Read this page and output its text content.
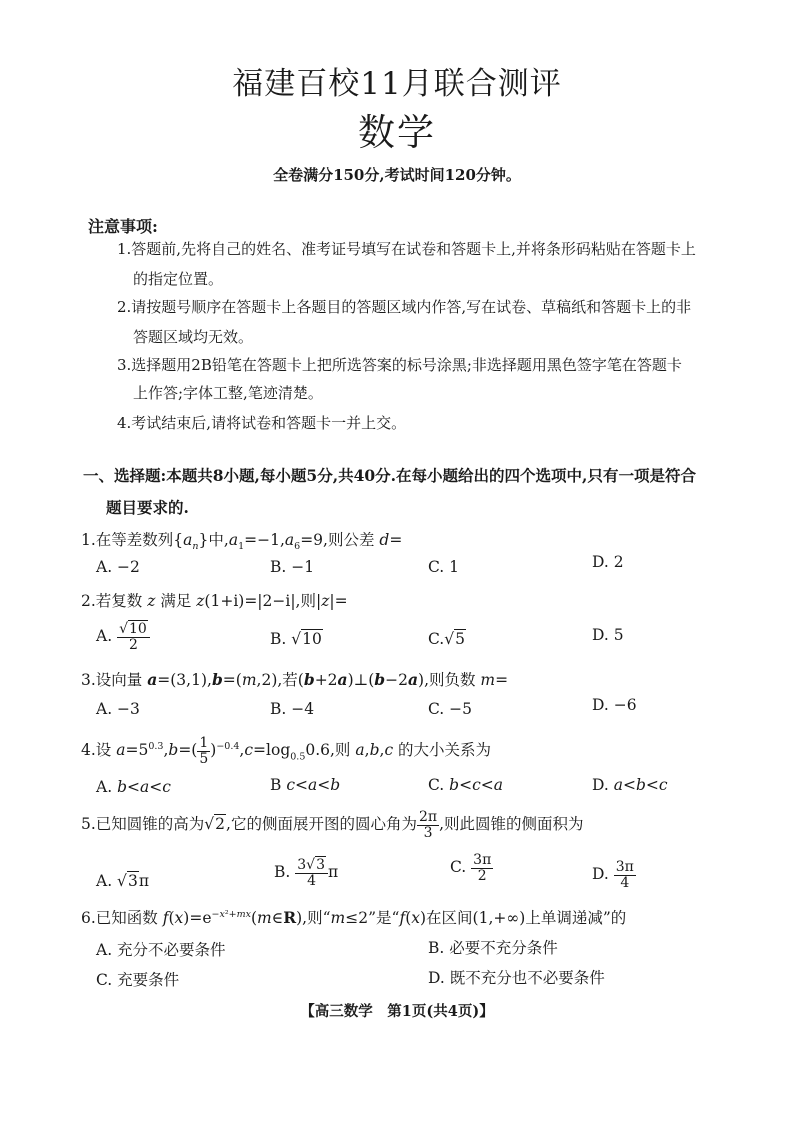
福建百校11月联合测评
数学
全卷满分150分,考试时间120分钟。
注意事项:
1.答题前,先将自己的姓名、准考证号填写在试卷和答题卡上,并将条形码粘贴在答题卡上
的指定位置。
2.请按题号顺序在答题卡上各题目的答题区域内作答,写在试卷、草稿纸和答题卡上的非
答题区域均无效。
3.选择题用2B铅笔在答题卡上把所选答案的标号涂黑;非选择题用黑色签字笔在答题卡
上作答;字体工整,笔迹清楚。
4.考试结束后,请将试卷和答题卡一并上交。
一、选择题:本题共8小题,每小题5分,共40分.在每小题给出的四个选项中,只有一项是符合
题目要求的.
1.在等差数列$\{a_n\}$中$,a_1=-1,a_6=9$,则公差 d=
A. −2	B. −1	C. 1	D. 2
2.若复数 z 满足 z(1+i)=|2−i|,则|z|=
A. $\frac{√10}{2}$	B. √10	C.√5	D. 5
3.设向量 a=(3,1),b=(m,2),若(b+2a)⊥(b−2a),则负数 m=
A. −3	B. −4	C. −5	D. −6
4.设 $a=5^{0.3},b=( \frac{1}{5} )^{-0.4},c=\log_{0.5}0.6$,则 a,b,c 的大小关系为
A. b<a<c	B c<a<b	C. b<c<a	D. a<b<c
5.已知圆锥的高为√2,它的侧面展开图的圆心角为 $\frac{2\pi}{3}$ ,则此圆锥的侧面积为
A. √3π	B. $\frac{3√3}{4}$ π	C. $\frac{3\pi}{2}$	D. $\frac{3\pi}{4}$
6.已知函数 $f(x)=e^{-x^2+mx}(m\in R)$,则“m≤2”是“f(x)在区间(1,+∞)上单调递减”的
A. 充分不必要条件	B. 必要不充分条件
C. 充要条件	D. 既不充分也不必要条件
【高三数学　第1页(共4页)】
